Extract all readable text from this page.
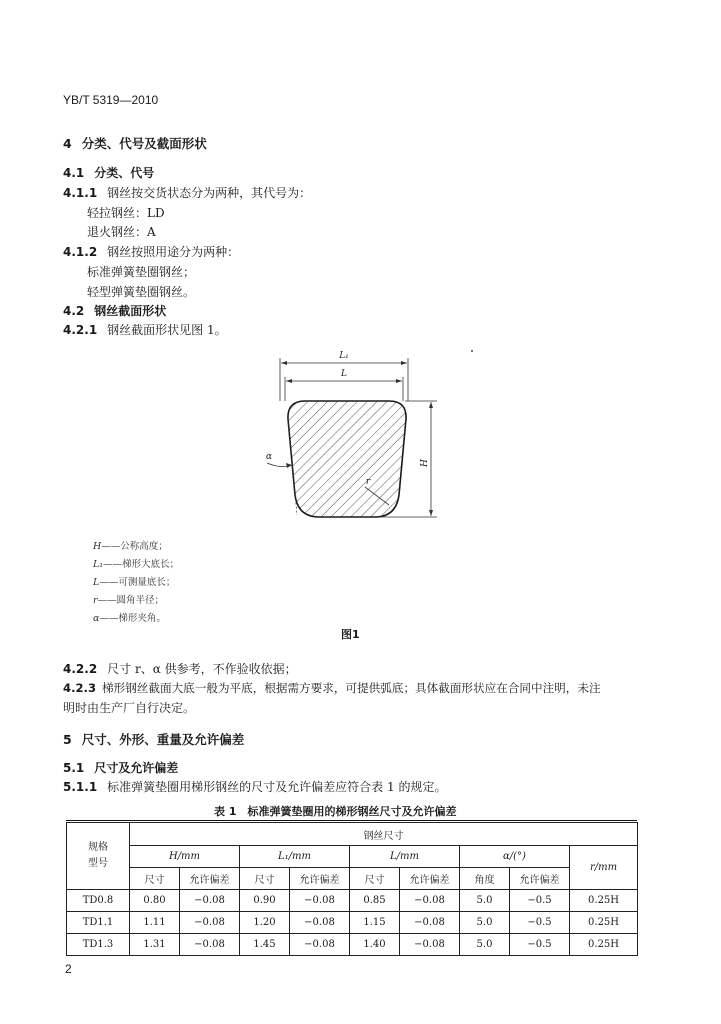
YB/T 5319—2010
4 分类、代号及截面形状
4.1 分类、代号
4.1.1 钢丝按交货状态分为两种，其代号为：
轻拉钢丝：LD
退火钢丝：A
4.1.2 钢丝按照用途分为两种：
标准弹簧垫圈钢丝；
轻型弹簧垫圈钢丝。
4.2 钢丝截面形状
4.2.1 钢丝截面形状见图 1。
L₁
L
H
α
r
H——公称高度；
L₁——梯形大底长；
L——可测量底长；
r——圆角半径；
α——梯形夹角。
图1
4.2.2 尺寸 r、α 供参考，不作验收依据；
4.2.3 梯形钢丝截面大底一般为平底，根据需方要求，可提供弧底；具体截面形状应在合同中注明，未注
明时由生产厂自行决定。
5 尺寸、外形、重量及允许偏差
5.1 尺寸及允许偏差
5.1.1 标准弹簧垫圈用梯形钢丝的尺寸及允许偏差应符合表 1 的规定。
表 1　标准弹簧垫圈用的梯形钢丝尺寸及允许偏差
规格
型号	钢丝尺寸								
	H/mm		L₁/mm		L/mm		α/(°)		r/mm
	尺寸	允许偏差	尺寸	允许偏差	尺寸	允许偏差	角度	允许偏差	
TD0.8	0.80	−0.08	0.90	−0.08	0.85	−0.08	5.0	−0.5	0.25H
TD1.1	1.11	−0.08	1.20	−0.08	1.15	−0.08	5.0	−0.5	0.25H
TD1.3	1.31	−0.08	1.45	−0.08	1.40	−0.08	5.0	−0.5	0.25H
2
